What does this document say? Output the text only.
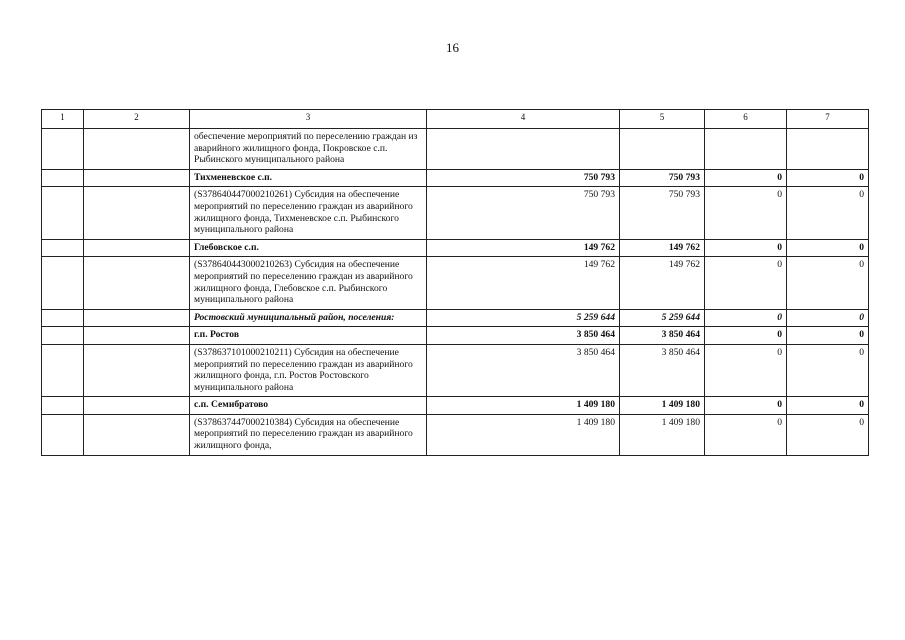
16
1	2	3	4	5	6	7
		обеспечение мероприятий по переселению граждан из аварийного жилищного фонда, Покровское с.п. Рыбинского муниципального района				
		Тихменевское с.п.	750 793	750 793	0	0
		(S378640447000210261) Субсидия на обеспечение мероприятий по переселению граждан из аварийного жилищного фонда, Тихменевское с.п. Рыбинского муниципального района	750 793	750 793	0	0
		Глебовское с.п.	149 762	149 762	0	0
		(S378640443000210263) Субсидия на обеспечение мероприятий по переселению граждан из аварийного жилищного фонда, Глебовское с.п. Рыбинского муниципального района	149 762	149 762	0	0
		Ростовский муниципальный район, поселения:	5 259 644	5 259 644	0	0
		г.п. Ростов	3 850 464	3 850 464	0	0
		(S378637101000210211) Субсидия на обеспечение мероприятий по переселению граждан из аварийного жилищного фонда, г.п. Ростов Ростовского муниципального района	3 850 464	3 850 464	0	0
		с.п. Семибратово	1 409 180	1 409 180	0	0
		(S378637447000210384) Субсидия на обеспечение мероприятий по переселению граждан из аварийного жилищного фонда,	1 409 180	1 409 180	0	0
